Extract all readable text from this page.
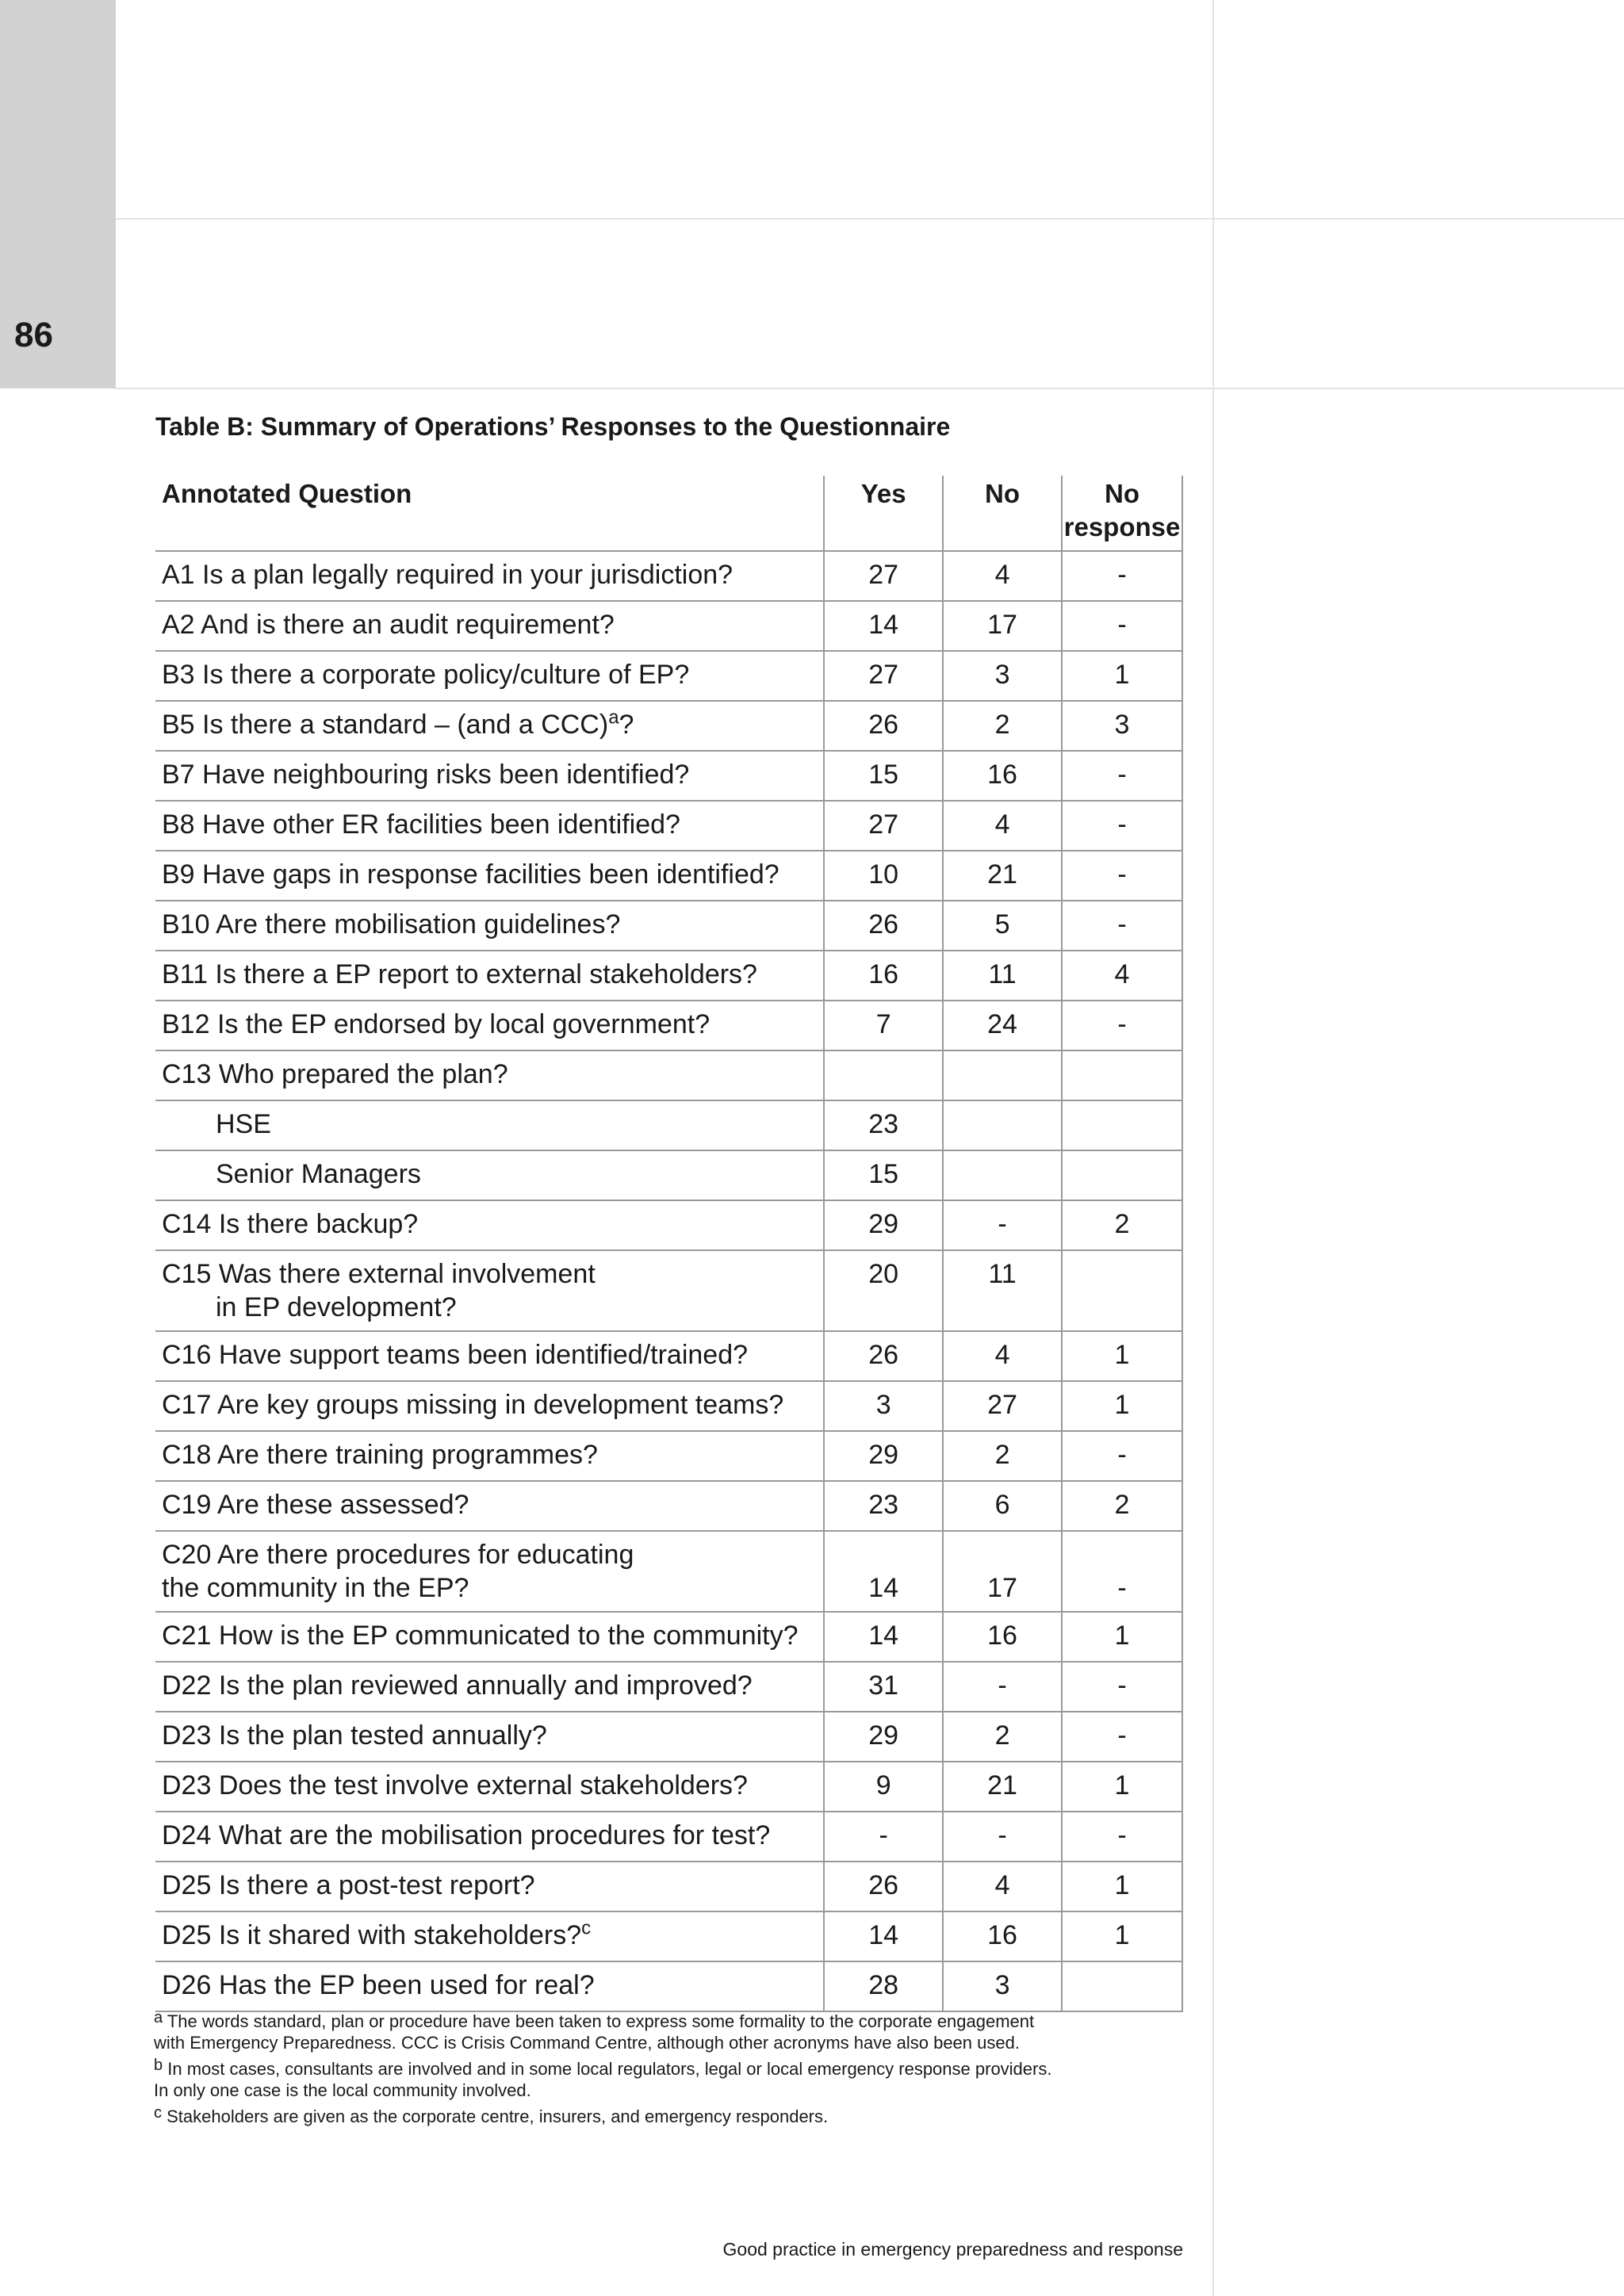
86
Table B: Summary of Operations’ Responses to the Questionnaire
Annotated Question	Yes	No	No
response

A1 Is a plan legally required in your jurisdiction?	27	4	-
A2 And is there an audit requirement?	14	17	-
B3 Is there a corporate policy/culture of EP?	27	3	1
B5 Is there a standard – (and a CCC)$^a$?	26	2	3
B7 Have neighbouring risks been identified?	15	16	-
B8 Have other ER facilities been identified?	27	4	-
B9 Have gaps in response facilities been identified?	10	21	-
B10 Are there mobilisation guidelines?	26	5	-
B11 Is there a EP report to external stakeholders?	16	11	4
B12 Is the EP endorsed by local government?	7	24	-
C13 Who prepared the plan?			
HSE	23		
Senior Managers	15		
C14 Is there backup?	29	-	2
C15 Was there external involvement
in EP development?	20	11	
C16 Have support teams been identified/trained?	26	4	1
C17 Are key groups missing in development teams?	3	27	1
C18 Are there training programmes?	29	2	-
C19 Are these assessed?	23	6	2
C20 Are there procedures for educating
the community in the EP?	14	17	-
C21 How is the EP communicated to the community?	14	16	1
D22 Is the plan reviewed annually and improved?	31	-	-
D23 Is the plan tested annually?	29	2	-
D23 Does the test involve external stakeholders?	9	21	1
D24 What are the mobilisation procedures for test?	-	-	-
D25 Is there a post-test report?	26	4	1
D25 Is it shared with stakeholders?$^c$	14	16	1
D26 Has the EP been used for real?	28	3	
$^a$ The words standard, plan or procedure have been taken to express some formality to the corporate engagement
with Emergency Preparedness. CCC is Crisis Command Centre, although other acronyms have also been used.
$^b$ In most cases, consultants are involved and in some local regulators, legal or local emergency response providers.
In only one case is the local community involved.
$^c$ Stakeholders are given as the corporate centre, insurers, and emergency responders.
Good practice in emergency preparedness and response
